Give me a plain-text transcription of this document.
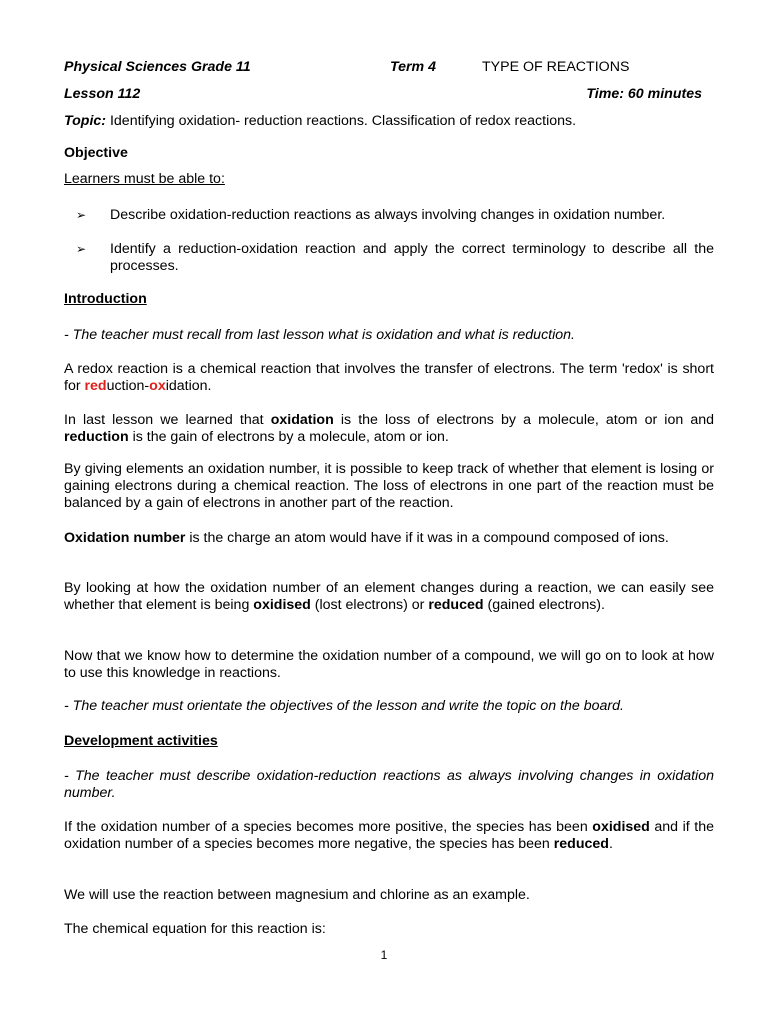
Physical Sciences Grade 11	Term 4	TYPE OF REACTIONS
Lesson 112	Time: 60 minutes
Topic: Identifying oxidation- reduction reactions. Classification of redox reactions.
Objective
Learners must be able to:
➢ Describe oxidation-reduction reactions as always involving changes in oxidation number.
➢ Identify a reduction-oxidation reaction and apply the correct terminology to describe all the processes.
Introduction
- The teacher must recall from last lesson what is oxidation and what is reduction.
A redox reaction is a chemical reaction that involves the transfer of electrons. The term 'redox' is short for reduction-oxidation.
In last lesson we learned that oxidation is the loss of electrons by a molecule, atom or ion and reduction is the gain of electrons by a molecule, atom or ion.
By giving elements an oxidation number, it is possible to keep track of whether that element is losing or gaining electrons during a chemical reaction. The loss of electrons in one part of the reaction must be balanced by a gain of electrons in another part of the reaction.
Oxidation number is the charge an atom would have if it was in a compound composed of ions.
By looking at how the oxidation number of an element changes during a reaction, we can easily see whether that element is being oxidised (lost electrons) or reduced (gained electrons).
Now that we know how to determine the oxidation number of a compound, we will go on to look at how to use this knowledge in reactions.
- The teacher must orientate the objectives of the lesson and write the topic on the board.
Development activities
- The teacher must describe oxidation-reduction reactions as always involving changes in oxidation number.
If the oxidation number of a species becomes more positive, the species has been oxidised and if the oxidation number of a species becomes more negative, the species has been reduced.
We will use the reaction between magnesium and chlorine as an example.
The chemical equation for this reaction is:
1
